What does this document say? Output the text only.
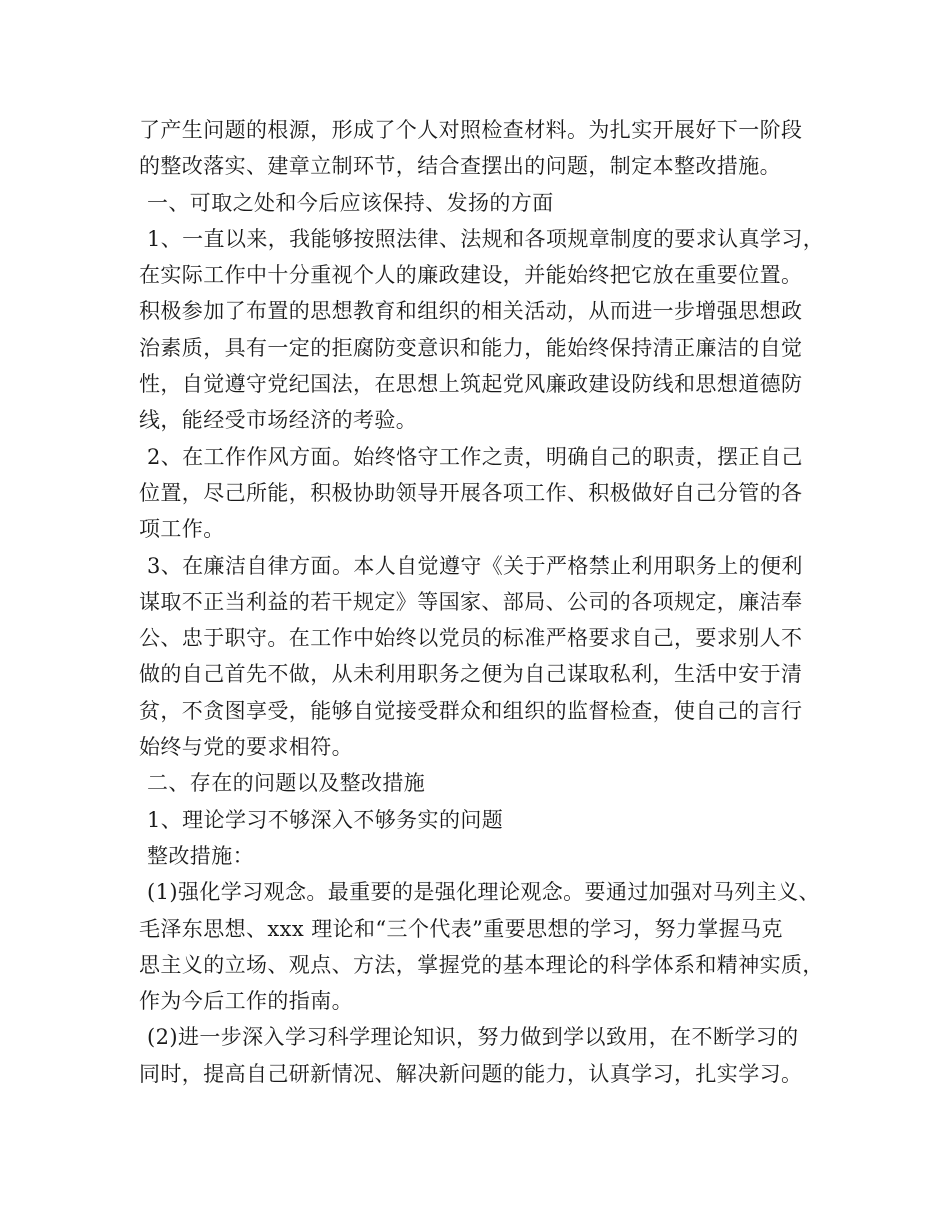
了产生问题的根源，形成了个人对照检查材料。为扎实开展好下一阶段
的整改落实、建章立制环节，结合查摆出的问题，制定本整改措施。
一、可取之处和今后应该保持、发扬的方面
1、一直以来，我能够按照法律、法规和各项规章制度的要求认真学习，
在实际工作中十分重视个人的廉政建设，并能始终把它放在重要位置。
积极参加了布置的思想教育和组织的相关活动，从而进一步增强思想政
治素质，具有一定的拒腐防变意识和能力，能始终保持清正廉洁的自觉
性，自觉遵守党纪国法，在思想上筑起党风廉政建设防线和思想道德防
线，能经受市场经济的考验。
2、在工作作风方面。始终恪守工作之责，明确自己的职责，摆正自己
位置，尽己所能，积极协助领导开展各项工作、积极做好自己分管的各
项工作。
3、在廉洁自律方面。本人自觉遵守《关于严格禁止利用职务上的便利
谋取不正当利益的若干规定》等国家、部局、公司的各项规定，廉洁奉
公、忠于职守。在工作中始终以党员的标准严格要求自己，要求别人不
做的自己首先不做，从未利用职务之便为自己谋取私利，生活中安于清
贫，不贪图享受，能够自觉接受群众和组织的监督检查，使自己的言行
始终与党的要求相符。
二、存在的问题以及整改措施
1、理论学习不够深入不够务实的问题
整改措施：
(1)强化学习观念。最重要的是强化理论观念。要通过加强对马列主义、
毛泽东思想、xxx 理论和“三个代表”重要思想的学习，努力掌握马克
思主义的立场、观点、方法，掌握党的基本理论的科学体系和精神实质，
作为今后工作的指南。
(2)进一步深入学习科学理论知识，努力做到学以致用，在不断学习的
同时，提高自己研新情况、解决新问题的能力，认真学习，扎实学习。
